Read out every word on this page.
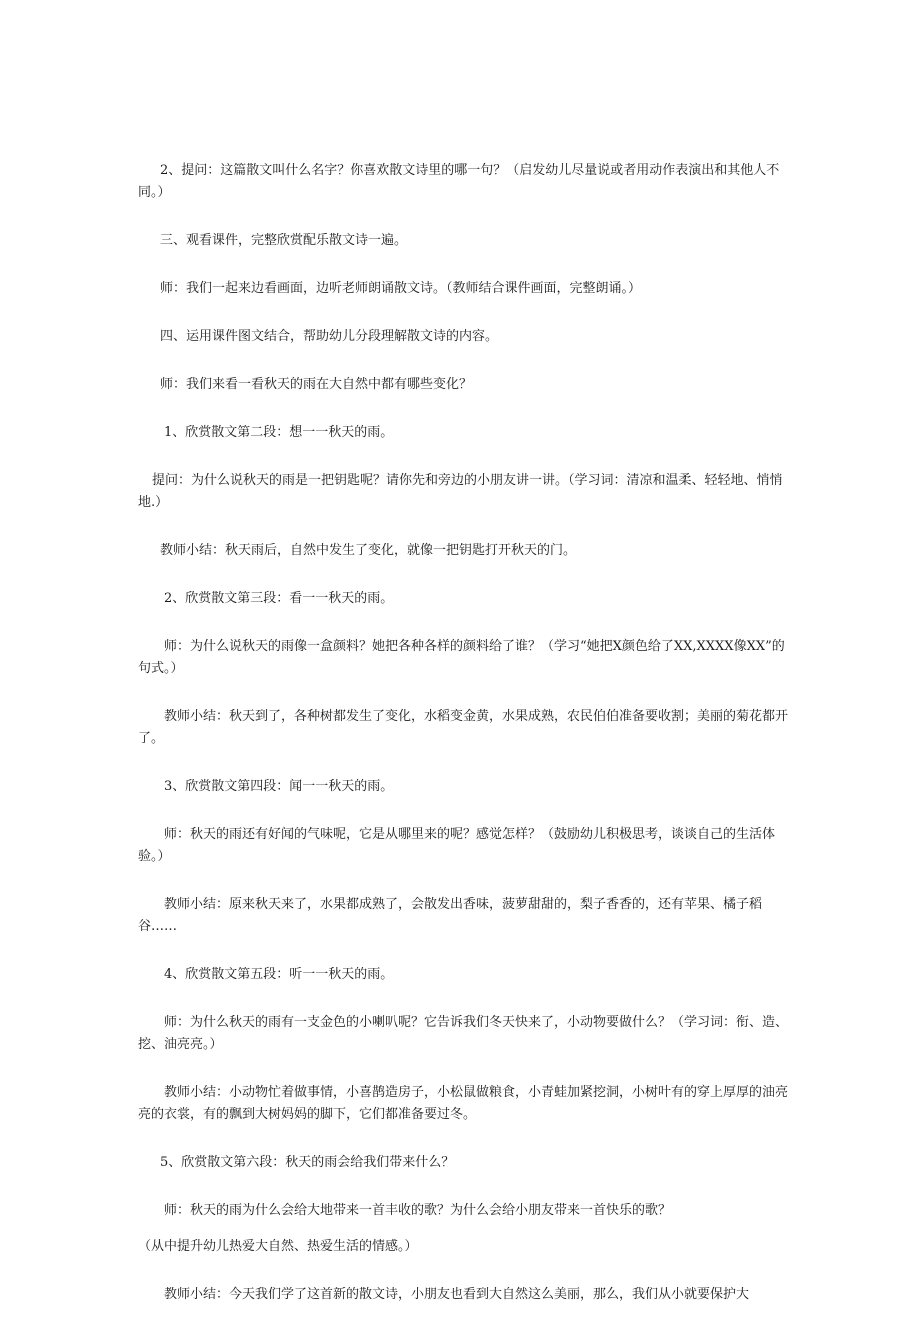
2、提问：这篇散文叫什么名字？你喜欢散文诗里的哪一句？（启发幼儿尽量说或者用动作表演出和其他人不同。）

三、观看课件，完整欣赏配乐散文诗一遍。

师：我们一起来边看画面，边听老师朗诵散文诗。（教师结合课件画面，完整朗诵。）

四、运用课件图文结合，帮助幼儿分段理解散文诗的内容。

师：我们来看一看秋天的雨在大自然中都有哪些变化？

1、欣赏散文第二段：想一一秋天的雨。

提问：为什么说秋天的雨是一把钥匙呢？请你先和旁边的小朋友讲一讲。（学习词：清凉和温柔、轻轻地、悄悄地.）

教师小结：秋天雨后，自然中发生了变化，就像一把钥匙打开秋天的门。

2、欣赏散文第三段：看一一秋天的雨。

师：为什么说秋天的雨像一盒颜料？她把各种各样的颜料给了谁？（学习“她把X颜色给了XX,XXXX像XX”的句式。）

教师小结：秋天到了，各种树都发生了变化，水稻变金黄，水果成熟，农民伯伯准备要收割；美丽的菊花都开了。

3、欣赏散文第四段：闻一一秋天的雨。

师：秋天的雨还有好闻的气味呢，它是从哪里来的呢？感觉怎样？（鼓励幼儿积极思考，谈谈自己的生活体验。）

教师小结：原来秋天来了，水果都成熟了，会散发出香味，菠萝甜甜的，梨子香香的，还有苹果、橘子稻谷……

4、欣赏散文第五段：听一一秋天的雨。

师：为什么秋天的雨有一支金色的小喇叭呢？它告诉我们冬天快来了，小动物要做什么？（学习词：衔、造、挖、油亮亮。）

教师小结：小动物忙着做事情，小喜鹊造房子，小松鼠做粮食，小青蛙加紧挖洞，小树叶有的穿上厚厚的油亮亮的衣裳，有的飘到大树妈妈的脚下，它们都准备要过冬。

5、欣赏散文第六段：秋天的雨会给我们带来什么？

师：秋天的雨为什么会给大地带来一首丰收的歌？为什么会给小朋友带来一首快乐的歌？

（从中提升幼儿热爱大自然、热爱生活的情感。）

教师小结：今天我们学了这首新的散文诗，小朋友也看到大自然这么美丽，那么，我们从小就要保护大
